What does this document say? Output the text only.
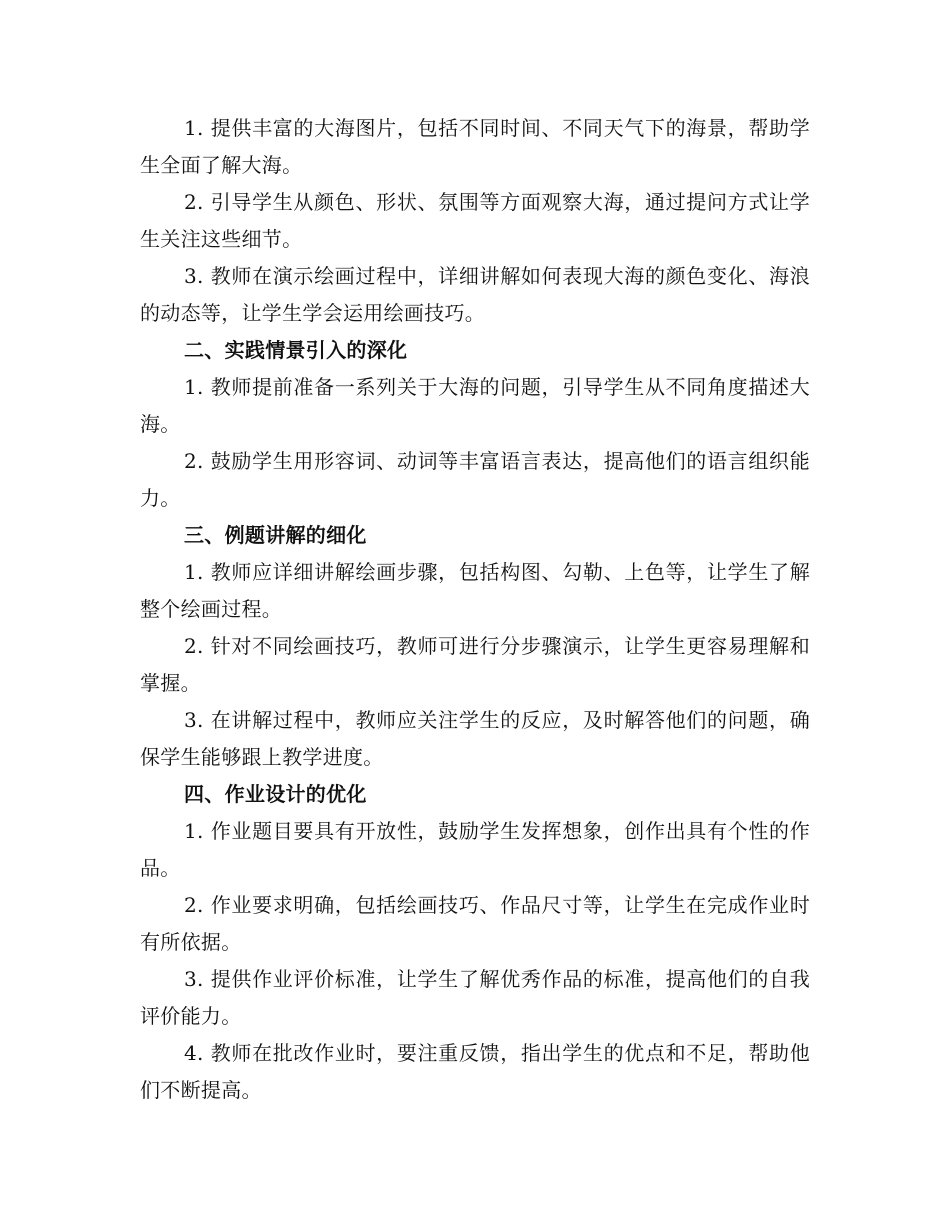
1. 提供丰富的大海图片，包括不同时间、不同天气下的海景，帮助学生全面了解大海。

2. 引导学生从颜色、形状、氛围等方面观察大海，通过提问方式让学生关注这些细节。

3. 教师在演示绘画过程中，详细讲解如何表现大海的颜色变化、海浪的动态等，让学生学会运用绘画技巧。

二、实践情景引入的深化

1. 教师提前准备一系列关于大海的问题，引导学生从不同角度描述大海。

2. 鼓励学生用形容词、动词等丰富语言表达，提高他们的语言组织能力。

三、例题讲解的细化

1. 教师应详细讲解绘画步骤，包括构图、勾勒、上色等，让学生了解整个绘画过程。

2. 针对不同绘画技巧，教师可进行分步骤演示，让学生更容易理解和掌握。

3. 在讲解过程中，教师应关注学生的反应，及时解答他们的问题，确保学生能够跟上教学进度。

四、作业设计的优化

1. 作业题目要具有开放性，鼓励学生发挥想象，创作出具有个性的作品。

2. 作业要求明确，包括绘画技巧、作品尺寸等，让学生在完成作业时有所依据。

3. 提供作业评价标准，让学生了解优秀作品的标准，提高他们的自我评价能力。

4. 教师在批改作业时，要注重反馈，指出学生的优点和不足，帮助他们不断提高。
